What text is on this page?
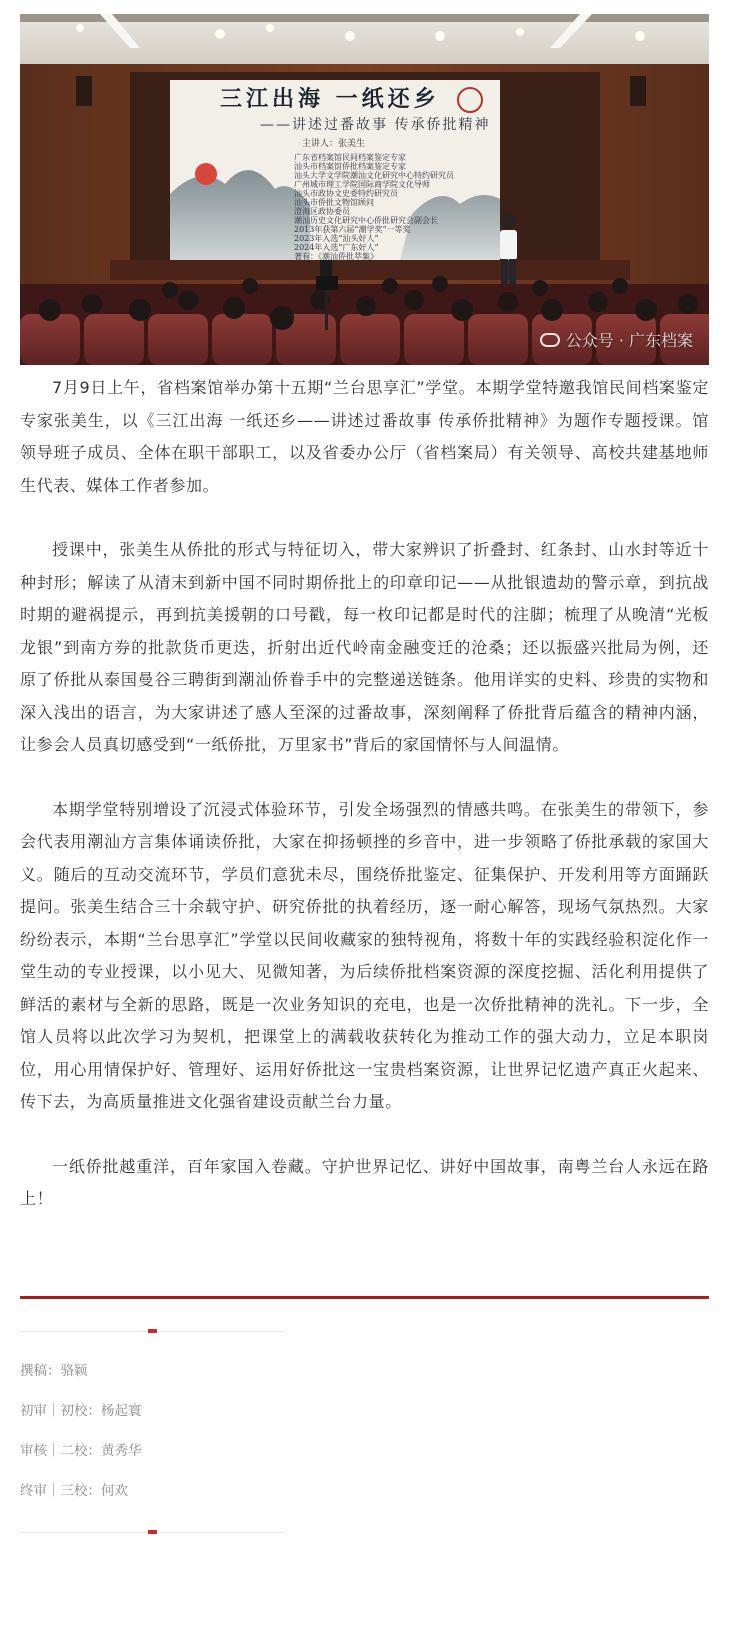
三江出海 一纸还乡
——讲述过番故事 传承侨批精神
主讲人：张美生
广东省档案馆民间档案鉴定专家
汕头市档案馆侨批档案鉴定专家
汕头大学文学院潮汕文化研究中心特约研究员
广州城市理工学院国际商学院文化导师
汕头市政协文史委特约研究员
汕头市侨批文物馆顾问
澄海区政协委员
潮汕历史文化研究中心侨批研究会副会长
2013年获第六届“潮学奖”一等奖
2023年入选“汕头好人”
2024年入选“广东好人”
著有：《潮汕侨批萃集》
公众号 · 广东档案

7月9日上午，省档案馆举办第十五期“兰台思享汇”学堂。本期学堂特邀我馆民间档案鉴定专家张美生，以《三江出海 一纸还乡——讲述过番故事 传承侨批精神》为题作专题授课。馆领导班子成员、全体在职干部职工，以及省委办公厅（省档案局）有关领导、高校共建基地师生代表、媒体工作者参加。

授课中，张美生从侨批的形式与特征切入，带大家辨识了折叠封、红条封、山水封等近十种封形；解读了从清末到新中国不同时期侨批上的印章印记——从批银遗劫的警示章，到抗战时期的避祸提示，再到抗美援朝的口号戳，每一枚印记都是时代的注脚；梳理了从晚清“光板龙银”到南方券的批款货币更迭，折射出近代岭南金融变迁的沧桑；还以振盛兴批局为例，还原了侨批从泰国曼谷三聘街到潮汕侨眷手中的完整递送链条。他用详实的史料、珍贵的实物和深入浅出的语言，为大家讲述了感人至深的过番故事，深刻阐释了侨批背后蕴含的精神内涵，让参会人员真切感受到“一纸侨批，万里家书”背后的家国情怀与人间温情。

本期学堂特别增设了沉浸式体验环节，引发全场强烈的情感共鸣。在张美生的带领下，参会代表用潮汕方言集体诵读侨批，大家在抑扬顿挫的乡音中，进一步领略了侨批承载的家国大义。随后的互动交流环节，学员们意犹未尽，围绕侨批鉴定、征集保护、开发利用等方面踊跃提问。张美生结合三十余载守护、研究侨批的执着经历，逐一耐心解答，现场气氛热烈。大家纷纷表示，本期“兰台思享汇”学堂以民间收藏家的独特视角，将数十年的实践经验积淀化作一堂生动的专业授课，以小见大、见微知著，为后续侨批档案资源的深度挖掘、活化利用提供了鲜活的素材与全新的思路，既是一次业务知识的充电，也是一次侨批精神的洗礼。下一步，全馆人员将以此次学习为契机，把课堂上的满载收获转化为推动工作的强大动力，立足本职岗位，用心用情保护好、管理好、运用好侨批这一宝贵档案资源，让世界记忆遗产真正火起来、传下去，为高质量推进文化强省建设贡献兰台力量。

一纸侨批越重洋，百年家国入卷藏。守护世界记忆、讲好中国故事，南粤兰台人永远在路上！

撰稿：骆颖
初审｜初校：杨起寰
审核｜二校：黄秀华
终审｜三校：何欢
